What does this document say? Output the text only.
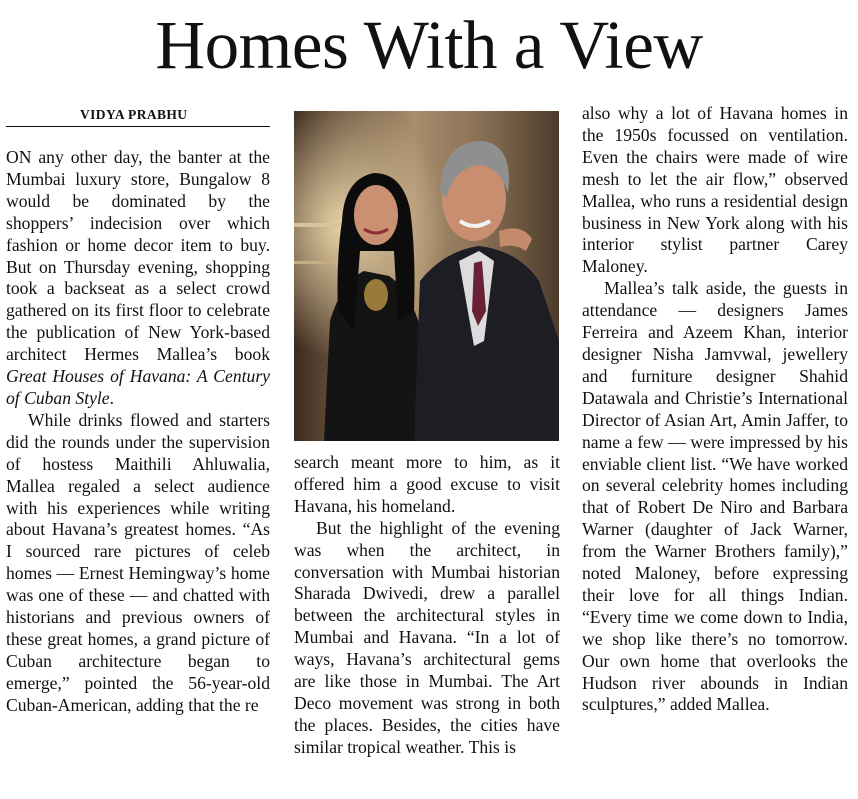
Homes With a View
VIDYA PRABHU

ON any other day, the banter at the Mumbai luxury store, Bungalow 8 would be dominated by the shoppers’ indecision over which fashion or home decor item to buy. But on Thursday evening, shopping took a backseat as a select crowd gathered on its first floor to celebrate the publication of New York-based architect Hermes Mallea’s book Great Houses of Havana: A Century of Cuban Style.

While drinks flowed and starters did the rounds under the supervision of hostess Maithili Ahluwalia, Mallea regaled a select audience with his experiences while writing about Havana’s greatest homes. “As I sourced rare pictures of celeb homes — Ernest Hemingway’s home was one of these — and chatted with historians and previous owners of these great homes, a grand picture of Cuban architecture began to emerge,” pointed the 56-year-old Cuban-American, adding that the re

search meant more to him, as it offered him a good excuse to visit Havana, his homeland.

But the highlight of the evening was when the architect, in conversation with Mumbai historian Sharada Dwivedi, drew a parallel between the architectural styles in Mumbai and Havana. “In a lot of ways, Havana’s architectural gems are like those in Mumbai. The Art Deco movement was strong in both the places. Besides, the cities have similar tropical weather. This is

also why a lot of Havana homes in the 1950s focussed on ventilation. Even the chairs were made of wire mesh to let the air flow,” observed Mallea, who runs a residential design business in New York along with his interior stylist partner Carey Maloney.

Mallea’s talk aside, the guests in attendance — designers James Ferreira and Azeem Khan, interior designer Nisha Jamvwal, jewellery and furniture designer Shahid Datawala and Christie’s International Director of Asian Art, Amin Jaffer, to name a few — were impressed by his enviable client list. “We have worked on several celebrity homes including that of Robert De Niro and Barbara Warner (daughter of Jack Warner, from the Warner Brothers family),” noted Maloney, before expressing their love for all things Indian. “Every time we come down to India, we shop like there’s no tomorrow. Our own home that overlooks the Hudson river abounds in Indian sculptures,” added Mallea.
